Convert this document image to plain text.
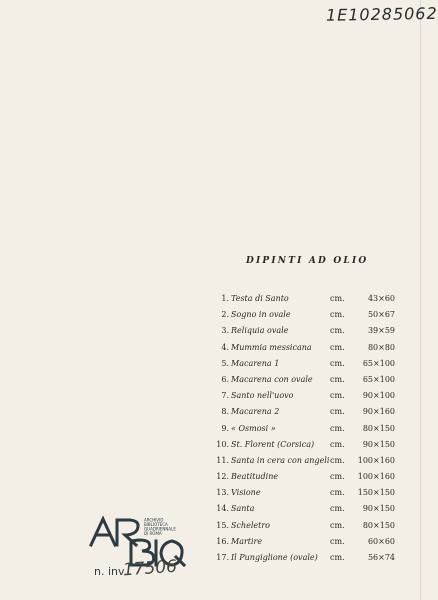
1E10285062
DIPINTI AD OLIO
1. Testa di Santo	cm.	43×60
2. Sogno in ovale	cm.	50×67
3. Reliquia ovale	cm.	39×59
4. Mummia messicana cm.	80×80
5. Macarena 1	cm.	65×100
6. Macarena con ovale cm.	65×100
7. Santo nell'uovo	cm.	90×100
8. Macarena 2	cm.	90×160
9. « Osmosi »	cm.	80×150
10. St. Florent (Corsica) cm.	90×150
11. Santa in cera con angeli cm.	100×160
12. Beatitudine	cm.	100×160
13. Visione	cm.	150×150
14. Santa	cm.	90×150
15. Scheletro	cm.	80×150
16. Martire	cm.	60×60
17. Il Pungiglione (ovale) cm.	56×74
ARCHIVIO
BIBLIOTECA
QUADRIENNALE
DI ROMA
n. inv.
17506
